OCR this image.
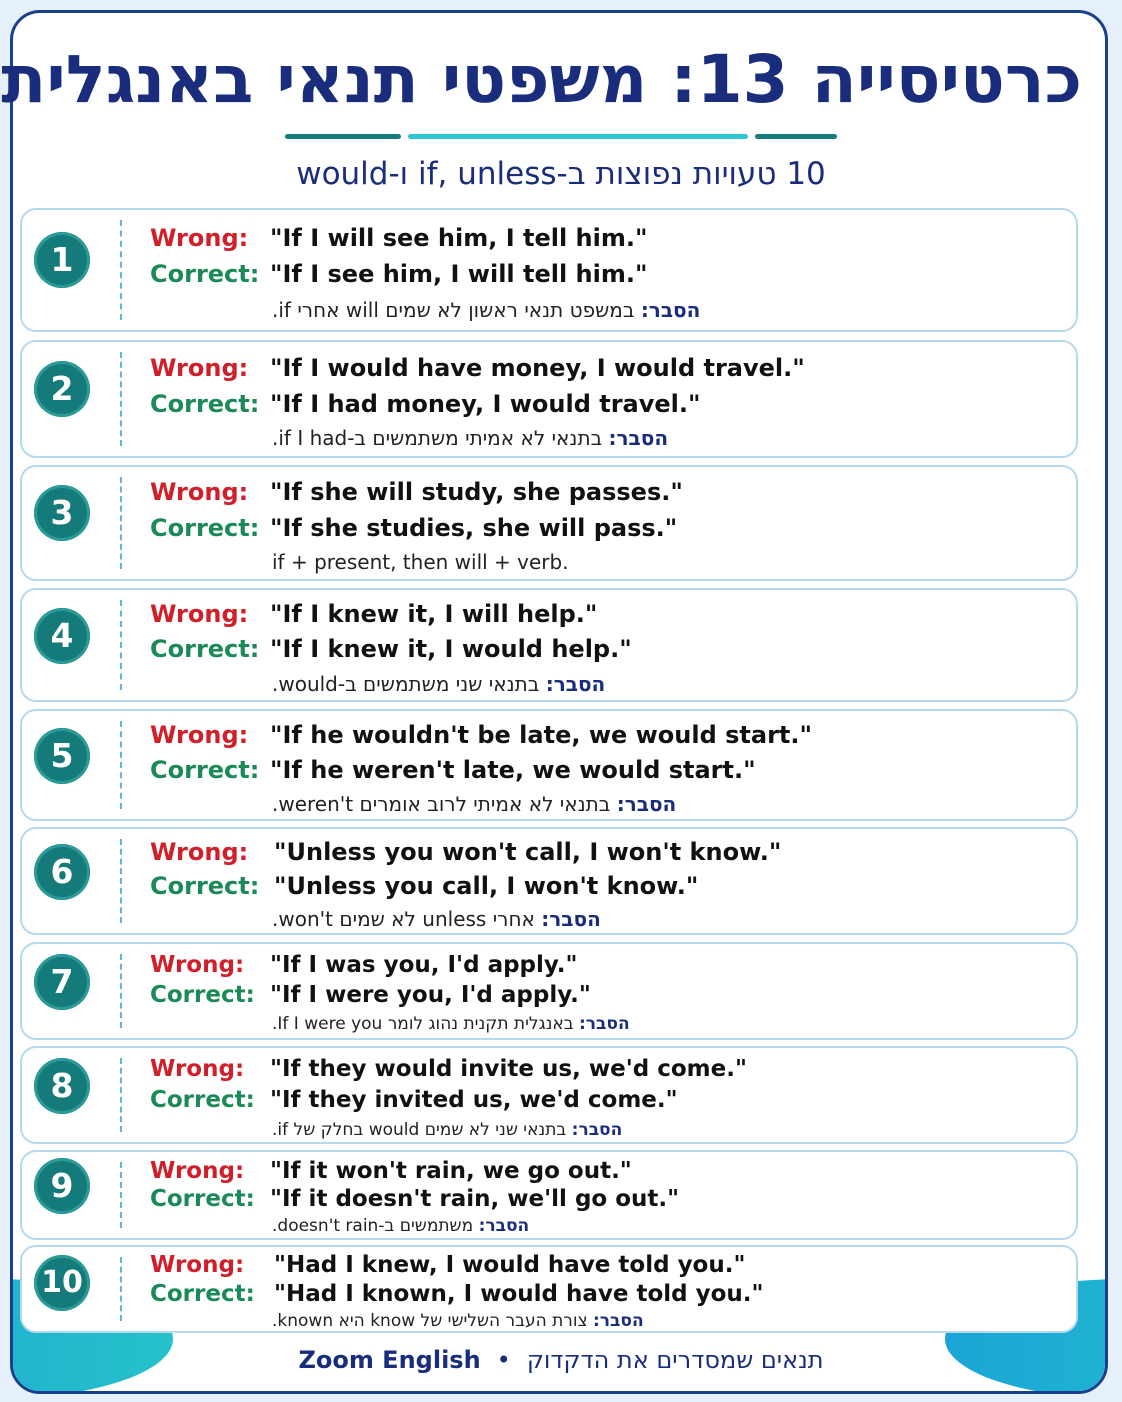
כרטיסייה 13: משפטי תנאי באנגלית
10 טעויות נפוצות ב-if, unless ו-would
1
Wrong: "If I will see him, I tell him."
Correct: "If I see him, I will tell him."
הסבר: במשפט תנאי ראשון לא שמים will אחרי if.
2
Wrong: "If I would have money, I would travel."
Correct: "If I had money, I would travel."
הסבר: בתנאי לא אמיתי משתמשים ב-if I had.
3
Wrong: "If she will study, she passes."
Correct: "If she studies, she will pass."
if + present, then will + verb.
4
Wrong: "If I knew it, I will help."
Correct: "If I knew it, I would help."
הסבר: בתנאי שני משתמשים ב-would.
5
Wrong: "If he wouldn't be late, we would start."
Correct: "If he weren't late, we would start."
הסבר: בתנאי לא אמיתי לרוב אומרים weren't.
6	Wrong: "Unless you won't call, I won't know."
Correct: "Unless you call, I won't know."
הסבר: אחרי unless לא שמים won't.
7	Wrong: "If I was you, I'd apply."
Correct: "If I were you, I'd apply."
הסבר: באנגלית תקנית נהוג לומר If I were you.
8	Wrong: "If they would invite us, we'd come."
Correct: "If they invited us, we'd come."
הסבר: בתנאי שני לא שמים would בחלק של if.
9	Wrong: "If it won't rain, we go out."
Correct: "If it doesn't rain, we'll go out."
הסבר: משתמשים ב-doesn't rain.
10	Wrong: "Had I knew, I would have told you."
Correct: "Had I known, I would have told you."
הסבר: צורת העבר השלישי של know היא known.
Zoom English • תנאים שמסדרים את הדקדוק
